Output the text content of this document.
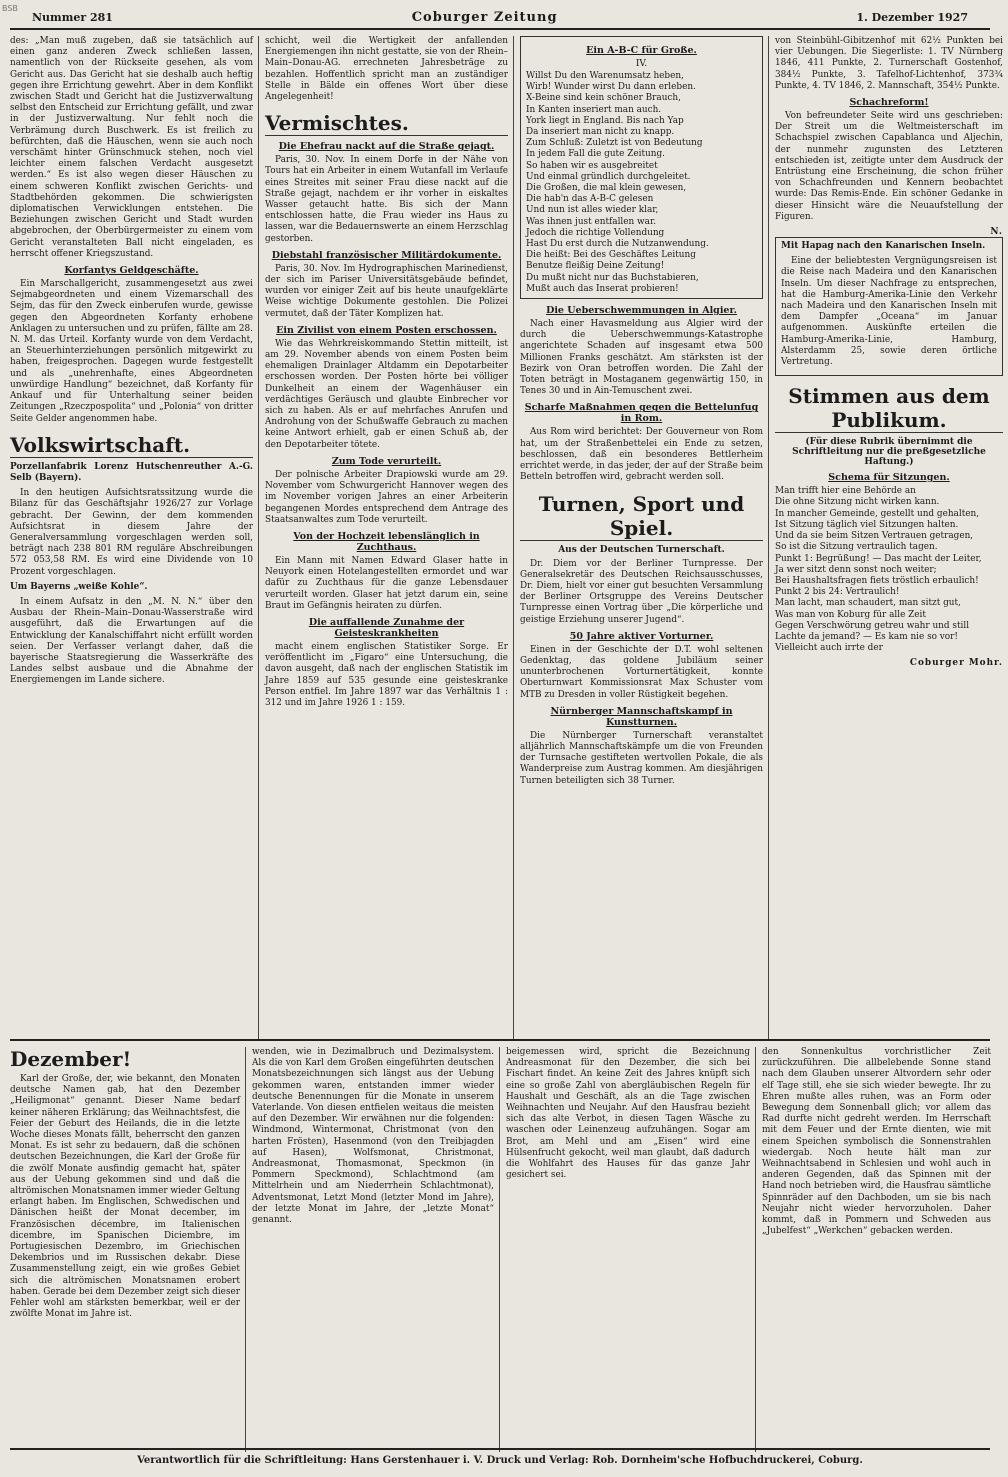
BSB
Nummer 281	Coburger Zeitung	1. Dezember 1927

des: „Man muß zugeben, daß sie tatsächlich auf einen ganz anderen Zweck schließen lassen, namentlich von der Rückseite gesehen, als vom Gericht aus. Das Gericht hat sie deshalb auch heftig gegen ihre Errichtung gewehrt. Aber in dem Konflikt zwischen Stadt und Gericht hat die Justizverwaltung selbst den Entscheid zur Errichtung gefällt, und zwar in der Justizverwaltung. Nur fehlt noch die Verbrämung durch Buschwerk. Es ist freilich zu befürchten, daß die Häuschen, wenn sie auch noch verschämt hinter Grünschmuck stehen, noch viel leichter einem falschen Verdacht ausgesetzt werden.“ Es ist also wegen dieser Häuschen zu einem schweren Konflikt zwischen Gerichts- und Stadtbehörden gekommen. Die schwierigsten diplomatischen Verwicklungen entstehen. Die Beziehungen zwischen Gericht und Stadt wurden abgebrochen, der Oberbürgermeister zu einem vom Gericht veranstalteten Ball nicht eingeladen, es herrscht offener Kriegszustand.

Korfantys Geldgeschäfte.

Ein Marschallgericht, zusammengesetzt aus zwei Sejmabgeordneten und einem Vizemarschall des Sejm, das für den Zweck einberufen wurde, gewisse gegen den Abgeordneten Korfanty erhobene Anklagen zu untersuchen und zu prüfen, fällte am 28. N. M. das Urteil. Korfanty wurde von dem Verdacht, an Steuerhinterziehungen persönlich mitgewirkt zu haben, freigesprochen. Dagegen wurde festgestellt und als „unehrenhafte, eines Abgeordneten unwürdige Handlung“ bezeichnet, daß Korfanty für Ankauf und für Unterhaltung seiner beiden Zeitungen „Rzeczpospolita“ und „Polonia“ von dritter Seite Gelder angenommen habe.

Volkswirtschaft.

Porzellanfabrik Lorenz Hutschenreuther A.-G. Selb (Bayern).

In den heutigen Aufsichtsratssitzung wurde die Bilanz für das Geschäftsjahr 1926/27 zur Vorlage gebracht. Der Gewinn, der dem kommenden Aufsichtsrat in diesem Jahre der Generalversammlung vorgeschlagen werden soll, beträgt nach 238 801 RM reguläre Abschreibungen 572 053,58 RM. Es wird eine Dividende von 10 Prozent vorgeschlagen.

Um Bayerns „weiße Kohle“.

In einem Aufsatz in den „M. N. N.“ über den Ausbau der Rhein–Main–Donau-Wasserstraße wird ausgeführt, daß die Erwartungen auf die Entwicklung der Kanalschiffahrt nicht erfüllt worden seien. Der Verfasser verlangt daher, daß die bayerische Staatsregierung die Wasserkräfte des Landes selbst ausbaue und die Abnahme der Energiemengen im Lande sichere.

schicht, weil die Wertigkeit der anfallenden Energiemengen ihn nicht gestatte, sie von der Rhein–Main–Donau-AG. errechneten Jahresbeträge zu bezahlen. Hoffentlich spricht man an zuständiger Stelle in Bälde ein offenes Wort über diese Angelegenheit!

Vermischtes.
Die Ehefrau nackt auf die Straße gejagt.

Paris, 30. Nov. In einem Dorfe in der Nähe von Tours hat ein Arbeiter in einem Wutanfall im Verlaufe eines Streites mit seiner Frau diese nackt auf die Straße gejagt, nachdem er ihr vorher in eiskaltes Wasser getaucht hatte. Bis sich der Mann entschlossen hatte, die Frau wieder ins Haus zu lassen, war die Bedauernswerte an einem Herzschlag gestorben.

Diebstahl französischer Militärdokumente.

Paris, 30. Nov. Im Hydrographischen Marinedienst, der sich im Pariser Universitätsgebäude befindet, wurden vor einiger Zeit auf bis heute unaufgeklärte Weise wichtige Dokumente gestohlen. Die Polizei vermutet, daß der Täter Komplizen hat.

Ein Zivilist von einem Posten erschossen.

Wie das Wehrkreiskommando Stettin mitteilt, ist am 29. November abends von einem Posten beim ehemaligen Drainlager Altdamm ein Depotarbeiter erschossen worden. Der Posten hörte bei völliger Dunkelheit an einem der Wagenhäuser ein verdächtiges Geräusch und glaubte Einbrecher vor sich zu haben. Als er auf mehrfaches Anrufen und Androhung von der Schußwaffe Gebrauch zu machen keine Antwort erhielt, gab er einen Schuß ab, der den Depotarbeiter tötete.

Zum Tode verurteilt.

Der polnische Arbeiter Drapiowski wurde am 29. November vom Schwurgericht Hannover wegen des im November vorigen Jahres an einer Arbeiterin begangenen Mordes entsprechend dem Antrage des Staatsanwaltes zum Tode verurteilt.

Von der Hochzeit lebenslänglich in Zuchthaus.

Ein Mann mit Namen Edward Glaser hatte in Neuyork einen Hotelangestellten ermordet und war dafür zu Zuchthaus für die ganze Lebensdauer verurteilt worden. Glaser hat jetzt darum ein, seine Braut im Gefängnis heiraten zu dürfen.

Die auffallende Zunahme der Geisteskrankheiten

macht einem englischen Statistiker Sorge. Er veröffentlicht im „Figaro“ eine Untersuchung, die davon ausgeht, daß nach der englischen Statistik im Jahre 1859 auf 535 gesunde eine geisteskranke Person entfiel. Im Jahre 1897 war das Verhältnis 1 : 312 und im Jahre 1926 1 : 159.

Ein A-B-C für Große.
IV.
Willst Du den Warenumsatz heben,
Wirb! Wunder wirst Du dann erleben.
X-Beine sind kein schöner Brauch,
In Kanten inseriert man auch.
York liegt in England. Bis nach Yap
Da inseriert man nicht zu knapp.
Zum Schluß: Zuletzt ist von Bedeutung
In jedem Fall die gute Zeitung.
So haben wir es ausgebreitet
Und einmal gründlich durchgeleitet.
Die Großen, die mal klein gewesen,
Die hab'n das A-B-C gelesen
Und nun ist alles wieder klar,
Was ihnen just entfallen war.
Jedoch die richtige Vollendung
Hast Du erst durch die Nutzanwendung.
Die heißt: Bei des Geschäftes Leitung
Benutze fleißig Deine Zeitung!
Du mußt nicht nur das Buchstabieren,
Mußt auch das Inserat probieren!
Die Ueberschwemmungen in Algier.

Nach einer Havasmeldung aus Algier wird der durch die Ueberschwemmungs-Katastrophe angerichtete Schaden auf insgesamt etwa 500 Millionen Franks geschätzt. Am stärksten ist der Bezirk von Oran betroffen worden. Die Zahl der Toten beträgt in Mostaganem gegenwärtig 150, in Tenes 30 und in Ain-Temuschent zwei.

Scharfe Maßnahmen gegen die Bettelunfug in Rom.

Aus Rom wird berichtet: Der Gouverneur von Rom hat, um der Straßenbettelei ein Ende zu setzen, beschlossen, daß ein besonderes Bettlerheim errichtet werde, in das jeder, der auf der Straße beim Betteln betroffen wird, gebracht werden soll.

Turnen, Sport und Spiel.
Aus der Deutschen Turnerschaft.

Dr. Diem vor der Berliner Turnpresse. Der Generalsekretär des Deutschen Reichsausschusses, Dr. Diem, hielt vor einer gut besuchten Versammlung der Berliner Ortsgruppe des Vereins Deutscher Turnpresse einen Vortrag über „Die körperliche und geistige Erziehung unserer Jugend“.

50 Jahre aktiver Vorturner.

Einen in der Geschichte der D.T. wohl seltenen Gedenktag, das goldene Jubiläum seiner ununterbrochenen Vorturnertätigkeit, konnte Oberturnwart Kommissionsrat Max Schuster vom MTB zu Dresden in voller Rüstigkeit begehen.

Nürnberger Mannschaftskampf in Kunstturnen.

Die Nürnberger Turnerschaft veranstaltet alljährlich Mannschaftskämpfe um die von Freunden der Turnsache gestifteten wertvollen Pokale, die als Wanderpreise zum Austrag kommen. Am diesjährigen Turnen beteiligten sich 38 Turner.

von Steinbühl-Gibitzenhof mit 62½ Punkten bei vier Uebungen. Die Siegerliste: 1. TV Nürnberg 1846, 411 Punkte, 2. Turnerschaft Gostenhof, 384½ Punkte, 3. Tafelhof-Lichtenhof, 373¾ Punkte, 4. TV 1846, 2. Mannschaft, 354½ Punkte.

Schachreform!

Von befreundeter Seite wird uns geschrieben: Der Streit um die Weltmeisterschaft im Schachspiel zwischen Capablanca und Aljechin, der nunmehr zugunsten des Letzteren entschieden ist, zeitigte unter dem Ausdruck der Entrüstung eine Erscheinung, die schon früher von Schachfreunden und Kennern beobachtet wurde: Das Remis-Ende. Ein schöner Gedanke in dieser Hinsicht wäre die Neuaufstellung der Figuren.

N.

Mit Hapag nach den Kanarischen Inseln.

Eine der beliebtesten Vergnügungsreisen ist die Reise nach Madeira und den Kanarischen Inseln. Um dieser Nachfrage zu entsprechen, hat die Hamburg-Amerika-Linie den Verkehr nach Madeira und den Kanarischen Inseln mit dem Dampfer „Oceana“ im Januar aufgenommen. Auskünfte erteilen die Hamburg-Amerika-Linie, Hamburg, Alsterdamm 25, sowie deren örtliche Vertretung.

Stimmen aus dem Publikum.
(Für diese Rubrik übernimmt die Schriftleitung nur die preßgesetzliche Haftung.)
Schema für Sitzungen.
Man trifft hier eine Behörde an
Die ohne Sitzung nicht wirken kann.
In mancher Gemeinde, gestellt und gehalten,
Ist Sitzung täglich viel Sitzungen halten.
Und da sie beim Sitzen Vertrauen getragen,
So ist die Sitzung vertraulich tagen.
Punkt 1: Begrüßung! — Das macht der Leiter,
Ja wer sitzt denn sonst noch weiter;
Bei Haushaltsfragen fiets tröstlich erbaulich!
Punkt 2 bis 24: Vertraulich!
Man lacht, man schaudert, man sitzt gut,
Was man von Koburg für alle Zeit
Gegen Verschwörung getreu wahr und still
Lachte da jemand? — Es kam nie so vor!
Vielleicht auch irrte der
Coburger Mohr.
Dezember!

Karl der Große, der, wie bekannt, den Monaten deutsche Namen gab, hat den Dezember „Heiligmonat“ genannt. Dieser Name bedarf keiner näheren Erklärung; das Weihnachtsfest, die Feier der Geburt des Heilands, die in die letzte Woche dieses Monats fällt, beherrscht den ganzen Monat. Es ist sehr zu bedauern, daß die schönen deutschen Bezeichnungen, die Karl der Große für die zwölf Monate ausfindig gemacht hat, später aus der Uebung gekommen sind und daß die altrömischen Monatsnamen immer wieder Geltung erlangt haben. Im Englischen, Schwedischen und Dänischen heißt der Monat december, im Französischen décembre, im Italienischen dicembre, im Spanischen Diciembre, im Portugiesischen Dezembro, im Griechischen Dekembrios und im Russischen dekabr. Diese Zusammenstellung zeigt, ein wie großes Gebiet sich die altrömischen Monatsnamen erobert haben. Gerade bei dem Dezember zeigt sich dieser Fehler wohl am stärksten bemerkbar, weil er der zwölfte Monat im Jahre ist.

wenden, wie in Dezimalbruch und Dezimalsystem. Als die von Karl dem Großen eingeführten deutschen Monatsbezeichnungen sich längst aus der Uebung gekommen waren, entstanden immer wieder deutsche Benennungen für die Monate in unserem Vaterlande. Von diesen entfielen weitaus die meisten auf den Dezember. Wir erwähnen nur die folgenden: Windmond, Wintermonat, Christmonat (von den harten Frösten), Hasenmond (von den Treibjagden auf Hasen), Wolfsmonat, Christmonat, Andreasmonat, Thomasmonat, Speckmon (in Pommern Speckmond), Schlachtmond (am Mittelrhein und am Niederrhein Schlachtmonat), Adventsmonat, Letzt Mond (letzter Mond im Jahre), der letzte Monat im Jahre, der „letzte Monat“ genannt.

beigemessen wird, spricht die Bezeichnung Andreasmonat für den Dezember, die sich bei Fischart findet. An keine Zeit des Jahres knüpft sich eine so große Zahl von abergläubischen Regeln für Haushalt und Geschäft, als an die Tage zwischen Weihnachten und Neujahr. Auf den Hausfrau bezieht sich das alte Verbot, in diesen Tagen Wäsche zu waschen oder Leinenzeug aufzuhängen. Sogar am Brot, am Mehl und am „Eisen“ wird eine Hülsenfrucht gekocht, weil man glaubt, daß dadurch die Wohlfahrt des Hauses für das ganze Jahr gesichert sei.

den Sonnenkultus vorchristlicher Zeit zurückzuführen. Die allbelebende Sonne stand nach dem Glauben unserer Altvordern sehr oder elf Tage still, ehe sie sich wieder bewegte. Ihr zu Ehren mußte alles ruhen, was an Form oder Bewegung dem Sonnenball glich; vor allem das Rad durfte nicht gedreht werden. Im Herrschaft mit dem Feuer und der Ernte dienten, wie mit einem Speichen symbolisch die Sonnenstrahlen wiedergab. Noch heute hält man zur Weihnachtsabend in Schlesien und wohl auch in anderen Gegenden, daß das Spinnen mit der Hand noch betrieben wird, die Hausfrau sämtliche Spinnräder auf den Dachboden, um sie bis nach Neujahr nicht wieder hervorzuholen. Daher kommt, daß in Pommern und Schweden aus „Jubelfest“ „Werkchen“ gebacken werden.

Verantwortlich für die Schriftleitung: Hans Gerstenhauer i. V. Druck und Verlag: Rob. Dornheim'sche Hofbuchdruckerei, Coburg.
